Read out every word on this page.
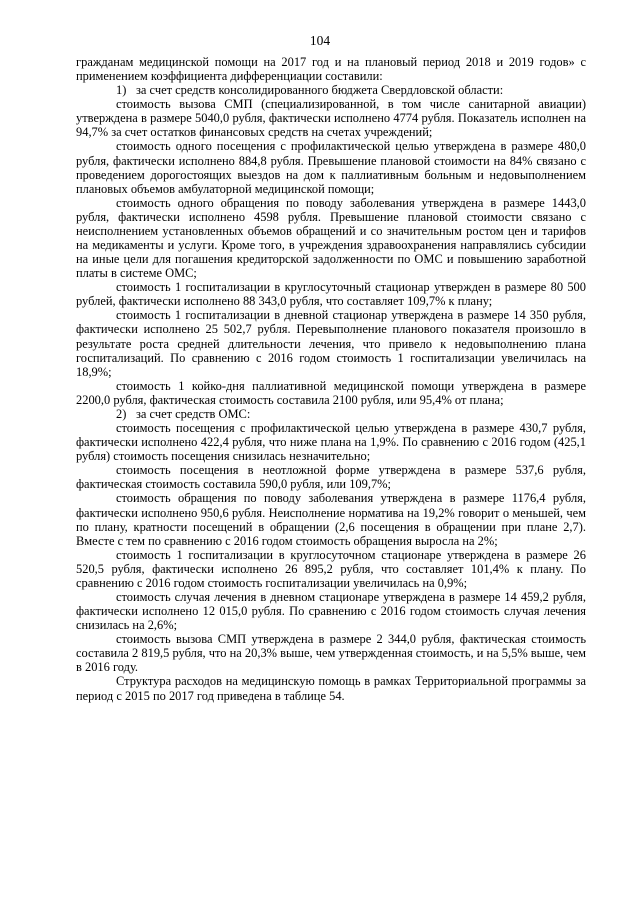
104

гражданам медицинской помощи на 2017 год и на плановый период 2018 и 2019 годов» с применением коэффициента дифференциации составили:

1) за счет средств консолидированного бюджета Свердловской области:

стоимость вызова СМП (специализированной, в том числе санитарной авиации) утверждена в размере 5040,0 рубля, фактически исполнено 4774 рубля. Показатель исполнен на 94,7% за счет остатков финансовых средств на счетах учреждений;

стоимость одного посещения с профилактической целью утверждена в размере 480,0 рубля, фактически исполнено 884,8 рубля. Превышение плановой стоимости на 84% связано с проведением дорогостоящих выездов на дом к паллиативным больным и недовыполнением плановых объемов амбулаторной медицинской помощи;

стоимость одного обращения по поводу заболевания утверждена в размере 1443,0 рубля, фактически исполнено 4598 рубля. Превышение плановой стоимости связано с неисполнением установленных объемов обращений и со значительным ростом цен и тарифов на медикаменты и услуги. Кроме того, в учреждения здравоохранения направлялись субсидии на иные цели для погашения кредиторской задолженности по ОМС и повышению заработной платы в системе ОМС;

стоимость 1 госпитализации в круглосуточный стационар утвержден в размере 80 500 рублей, фактически исполнено 88 343,0 рубля, что составляет 109,7% к плану;

стоимость 1 госпитализации в дневной стационар утверждена в размере 14 350 рубля, фактически исполнено 25 502,7 рубля. Перевыполнение планового показателя произошло в результате роста средней длительности лечения, что привело к недовыполнению плана госпитализаций. По сравнению с 2016 годом стоимость 1 госпитализации увеличилась на 18,9%;

стоимость 1 койко-дня паллиативной медицинской помощи утверждена в размере 2200,0 рубля, фактическая стоимость составила 2100 рубля, или 95,4% от плана;

2) за счет средств ОМС:

стоимость посещения с профилактической целью утверждена в размере 430,7 рубля, фактически исполнено 422,4 рубля, что ниже плана на 1,9%. По сравнению с 2016 годом (425,1 рубля) стоимость посещения снизилась незначительно;

стоимость посещения в неотложной форме утверждена в размере 537,6 рубля, фактическая стоимость составила 590,0 рубля, или 109,7%;

стоимость обращения по поводу заболевания утверждена в размере 1176,4 рубля, фактически исполнено 950,6 рубля. Неисполнение норматива на 19,2% говорит о меньшей, чем по плану, кратности посещений в обращении (2,6 посещения в обращении при плане 2,7). Вместе с тем по сравнению с 2016 годом стоимость обращения выросла на 2%;

стоимость 1 госпитализации в круглосуточном стационаре утверждена в размере 26 520,5 рубля, фактически исполнено 26 895,2 рубля, что составляет 101,4% к плану. По сравнению с 2016 годом стоимость госпитализации увеличилась на 0,9%;

стоимость случая лечения в дневном стационаре утверждена в размере 14 459,2 рубля, фактически исполнено 12 015,0 рубля. По сравнению с 2016 годом стоимость случая лечения снизилась на 2,6%;

стоимость вызова СМП утверждена в размере 2 344,0 рубля, фактическая стоимость составила 2 819,5 рубля, что на 20,3% выше, чем утвержденная стоимость, и на 5,5% выше, чем в 2016 году.

Структура расходов на медицинскую помощь в рамках Территориальной программы за период с 2015 по 2017 год приведена в таблице 54.
